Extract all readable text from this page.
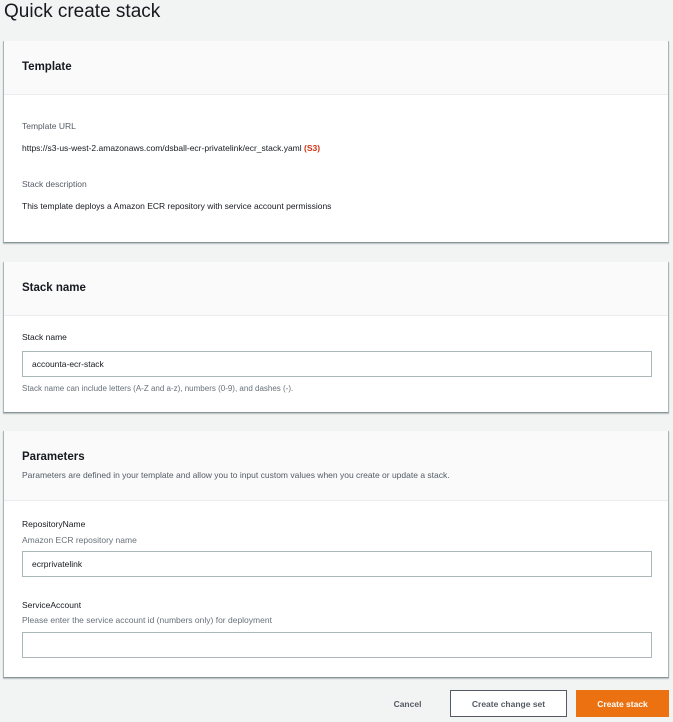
Quick create stack
Template
Template URL
https://s3-us-west-2.amazonaws.com/dsball-ecr-privatelink/ecr_stack.yaml (S3)
Stack description
This template deploys a Amazon ECR repository with service account permissions
Stack name
Stack name
accounta-ecr-stack
Stack name can include letters (A-Z and a-z), numbers (0-9), and dashes (-).
Parameters
Parameters are defined in your template and allow you to input custom values when you create or update a stack.
RepositoryName
Amazon ECR repository name
ecrprivatelink
ServiceAccount
Please enter the service account id (numbers only) for deployment
Cancel	Create change set	Create stack
